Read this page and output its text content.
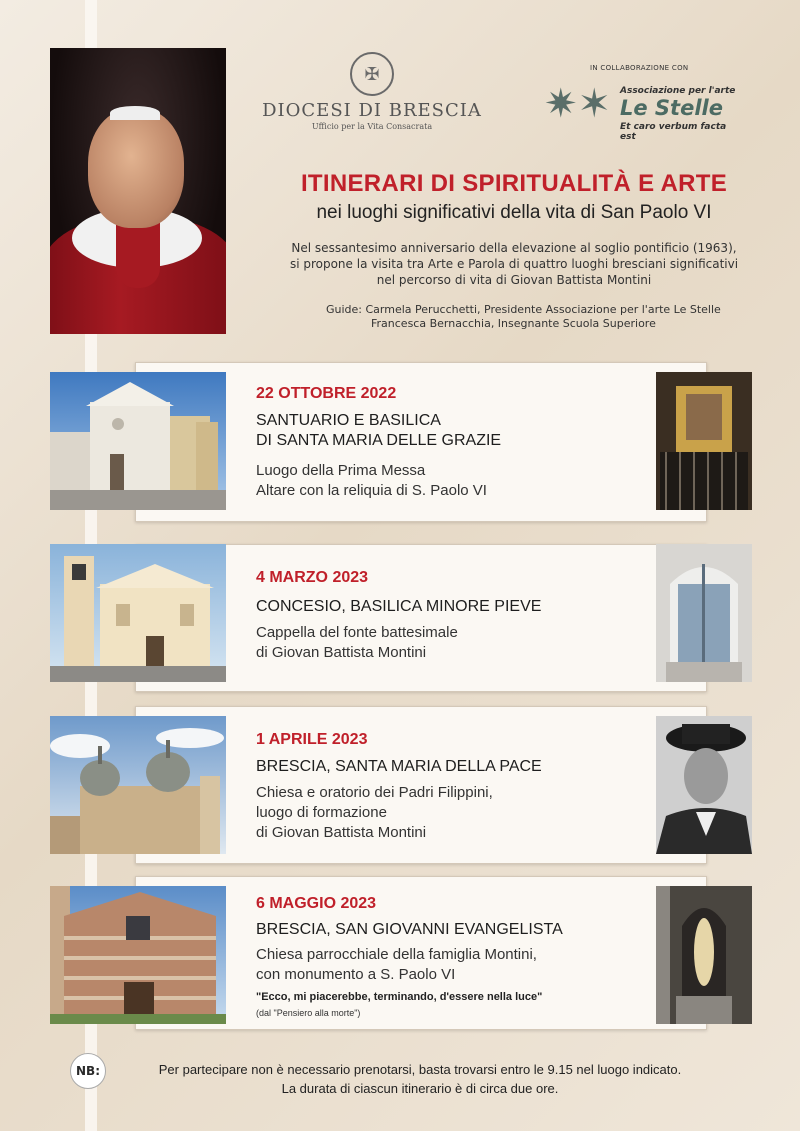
✠
DIOCESI DI BRESCIA
Ufficio per la Vita Consacrata
IN COLLABORAZIONE CON
✷✶ Associazione per l'arte
Le Stelle
Et caro verbum facta est
ITINERARI DI SPIRITUALITÀ E ARTE
nei luoghi significativi della vita di San Paolo VI
Nel sessantesimo anniversario della elevazione al soglio pontificio (1963),
si propone la visita tra Arte e Parola di quattro luoghi bresciani significativi
nel percorso di vita di Giovan Battista Montini
Guide: Carmela Perucchetti, Presidente Associazione per l'arte Le Stelle
Francesca Bernacchia, Insegnante Scuola Superiore
22 OTTOBRE 2022
SANTUARIO E BASILICA
DI SANTA MARIA DELLE GRAZIE
Luogo della Prima Messa
Altare con la reliquia di S. Paolo VI
4 MARZO 2023
CONCESIO, BASILICA MINORE PIEVE
Cappella del fonte battesimale
di Giovan Battista Montini
1 APRILE 2023
BRESCIA, SANTA MARIA DELLA PACE
Chiesa e oratorio dei Padri Filippini,
luogo di formazione
di Giovan Battista Montini
6 MAGGIO 2023
BRESCIA, SAN GIOVANNI EVANGELISTA
Chiesa parrocchiale della famiglia Montini,
con monumento a S. Paolo VI
"Ecco, mi piacerebbe, terminando, d'essere nella luce"
(dal "Pensiero alla morte")
NB:	Per partecipare non è necessario prenotarsi, basta trovarsi entro le 9.15 nel luogo indicato.
La durata di ciascun itinerario è di circa due ore.
